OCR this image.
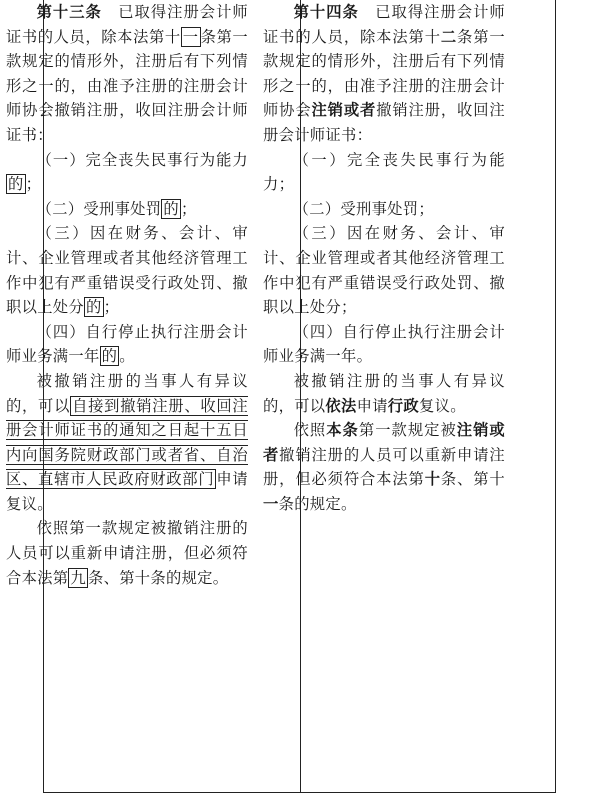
第十三条　已取得注册会计师证书的人员，除本法第十 一 条第一款规定的情形外，注册后有下列情形之一的，由准予注册的注册会计师协会撤销注册，收回注册会计师证书：

（一）完全丧失民事行为能力的 ；

（二）受刑事处罚 的 ；

（三）因在财务、会计、审计、企业管理或者其他经济管理工作中犯有严重错误受行政处罚、撤职以上处分 的 ；

（四）自行停止执行注册会计师业务满一年 的 。

被撤销注册的当事人有异议的，可以 自接到撤销注册、收回注册会计师证书的通知之日起十五日内向国务院财政部门或者省、自治区、直辖市人民政府财政部门 申请复议。

依照第一款规定被撤销注册的人员可以重新申请注册，但必须符合本法第 九 条、第十条的规定。

第十四条　已取得注册会计师证书的人员，除本法第十二条第一款规定的情形外，注册后有下列情形之一的，由准予注册的注册会计师协会注销或者撤销注册，收回注册会计师证书：

（一）完全丧失民事行为能力；

（二）受刑事处罚；

（三）因在财务、会计、审计、企业管理或者其他经济管理工作中犯有严重错误受行政处罚、撤职以上处分；

（四）自行停止执行注册会计师业务满一年。

被撤销注册的当事人有异议的，可以依法申请行政复议。

依照本条第一款规定被注销或者撤销注册的人员可以重新申请注册，但必须符合本法第十条、第十一条的规定。
